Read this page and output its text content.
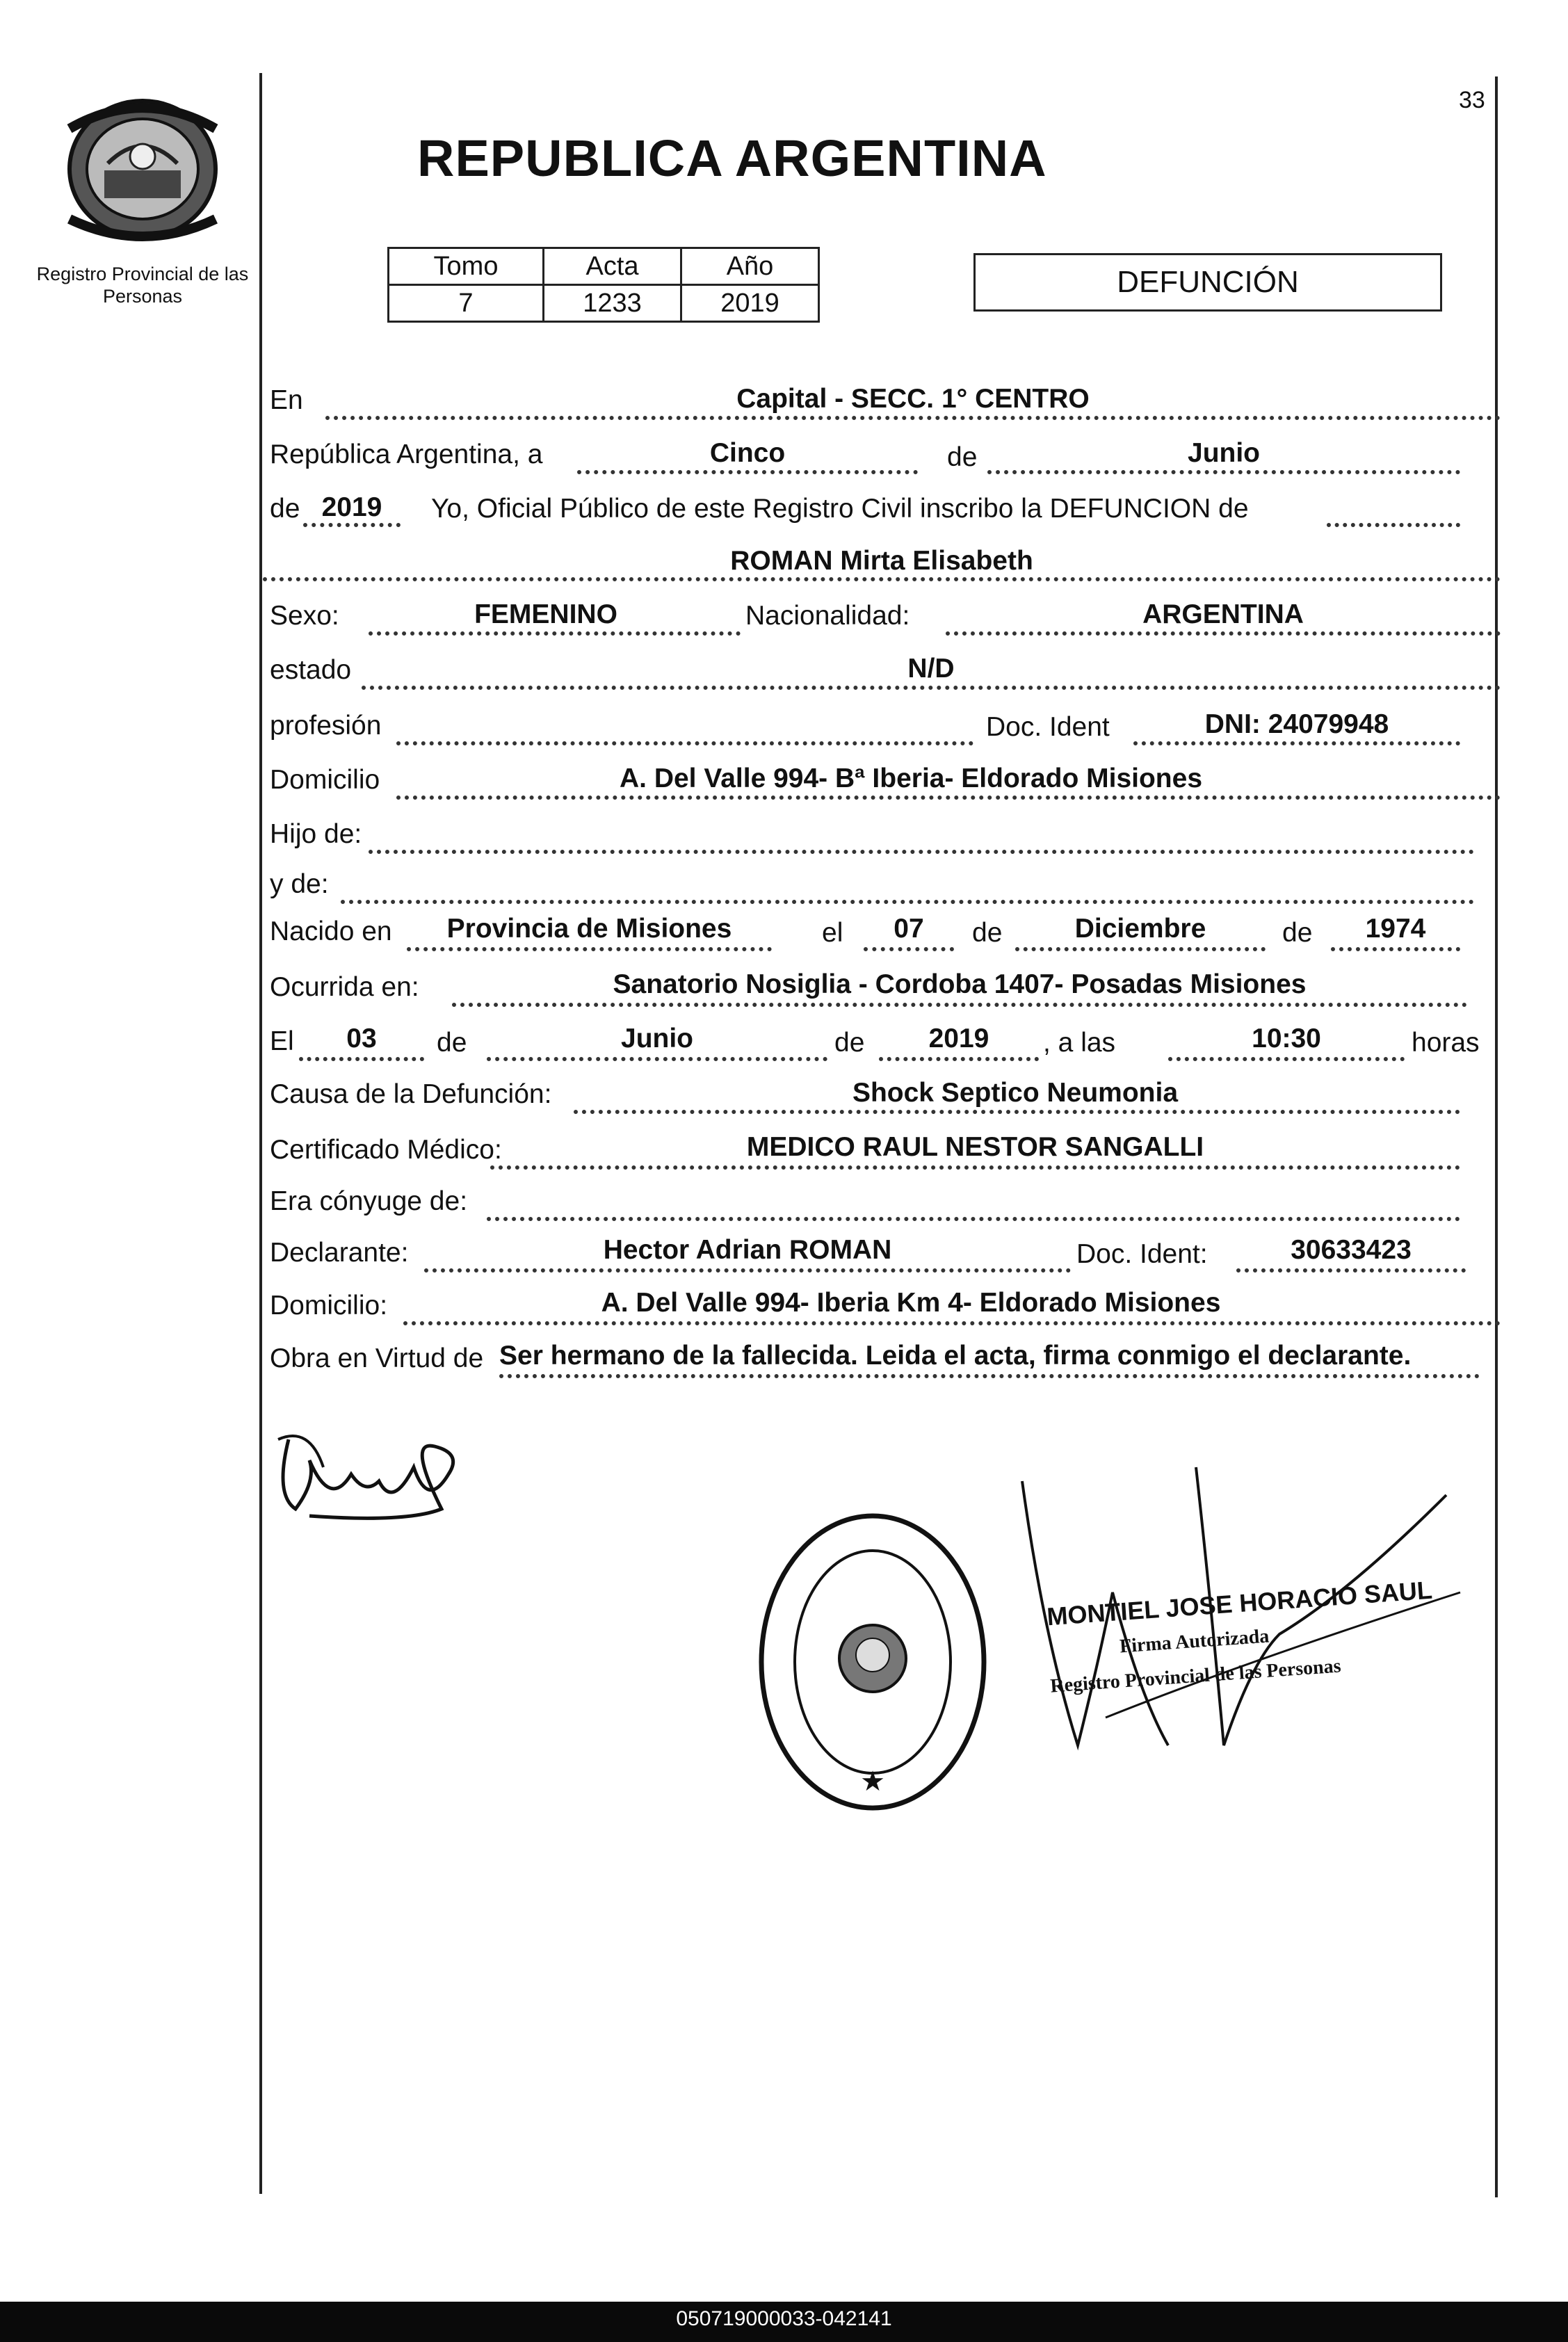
Registro Provincial de las Personas
33
REPUBLICA ARGENTINA
Tomo	Acta	Año
7	1233	2019
DEFUNCIÓN
En	Capital - SECC. 1° CENTRO
República Argentina, a	Cinco	de	Junio
de 2019	Yo, Oficial Público de este Registro Civil inscribo la DEFUNCION de
ROMAN Mirta Elisabeth
Sexo:	FEMENINO	Nacionalidad:	ARGENTINA
estado	N/D
profesión	Doc. Ident	DNI: 24079948
Domicilio	A. Del Valle 994- Bª Iberia- Eldorado Misiones
Hijo de:
y de:
Nacido en	Provincia de Misiones	el	07	de	Diciembre	de	1974
Ocurrida en:	Sanatorio Nosiglia - Cordoba 1407- Posadas Misiones
El	03	de	Junio	de	2019	, a las	10:30	horas
Causa de la Defunción:	Shock Septico Neumonia
Certificado Médico:	MEDICO RAUL NESTOR SANGALLI
Era cónyuge de:
Declarante:	Hector Adrian ROMAN	Doc. Ident:	30633423
Domicilio:	A. Del Valle 994- Iberia Km 4- Eldorado Misiones
Obra en Virtud de Ser hermano de la fallecida. Leida el acta, firma conmigo el declarante.
★
MONTIEL JOSE HORACIO SAUL
Firma Autorizada
Registro Provincial de las Personas
050719000033-042141
